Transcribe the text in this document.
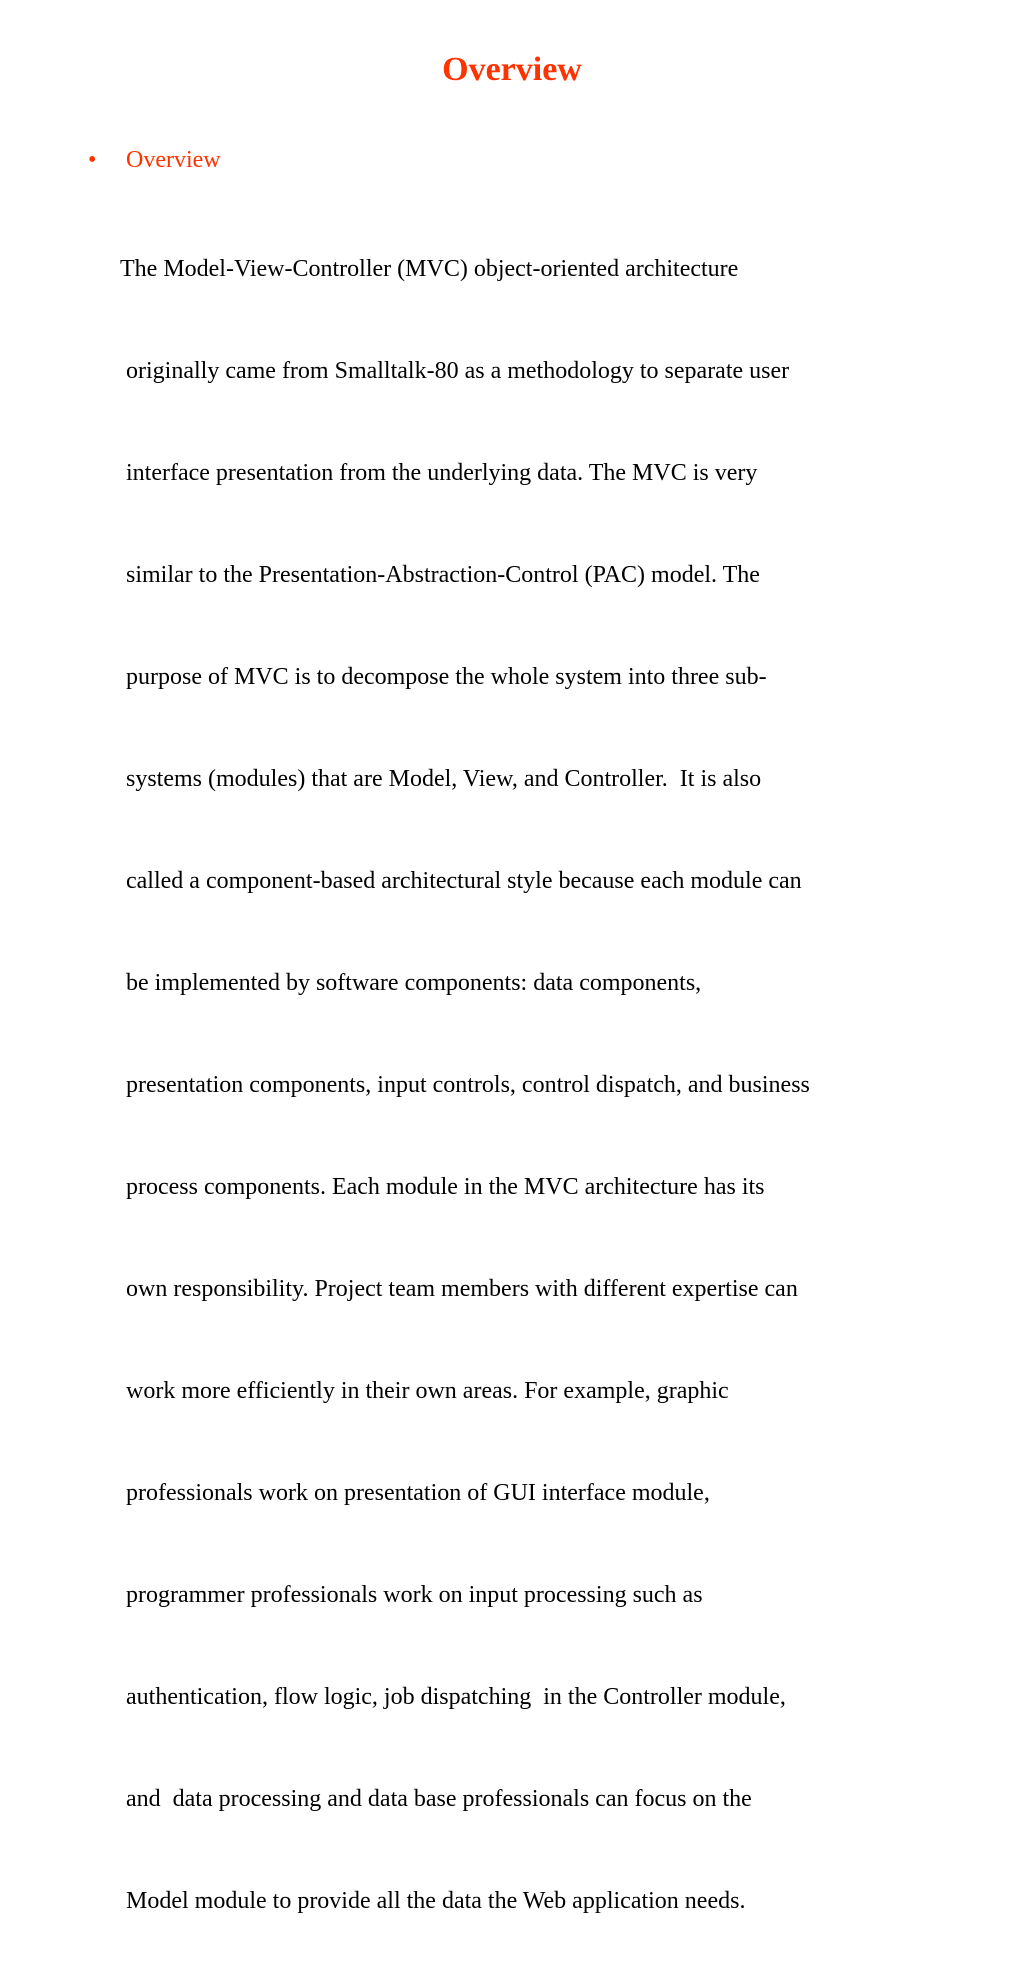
Overview
•	Overview

The Model-View-Controller (MVC) object-oriented architecture

originally came from Smalltalk-80 as a methodology to separate user

interface presentation from the underlying data. The MVC is very

similar to the Presentation-Abstraction-Control (PAC) model. The

purpose of MVC is to decompose the whole system into three sub-

systems (modules) that are Model, View, and Controller.  It is also

called a component-based architectural style because each module can

be implemented by software components: data components,

presentation components, input controls, control dispatch, and business

process components. Each module in the MVC architecture has its

own responsibility. Project team members with different expertise can

work more efficiently in their own areas. For example, graphic

professionals work on presentation of GUI interface module,

programmer professionals work on input processing such as

authentication, flow logic, job dispatching  in the Controller module,

and  data processing and data base professionals can focus on the

Model module to provide all the data the Web application needs.
